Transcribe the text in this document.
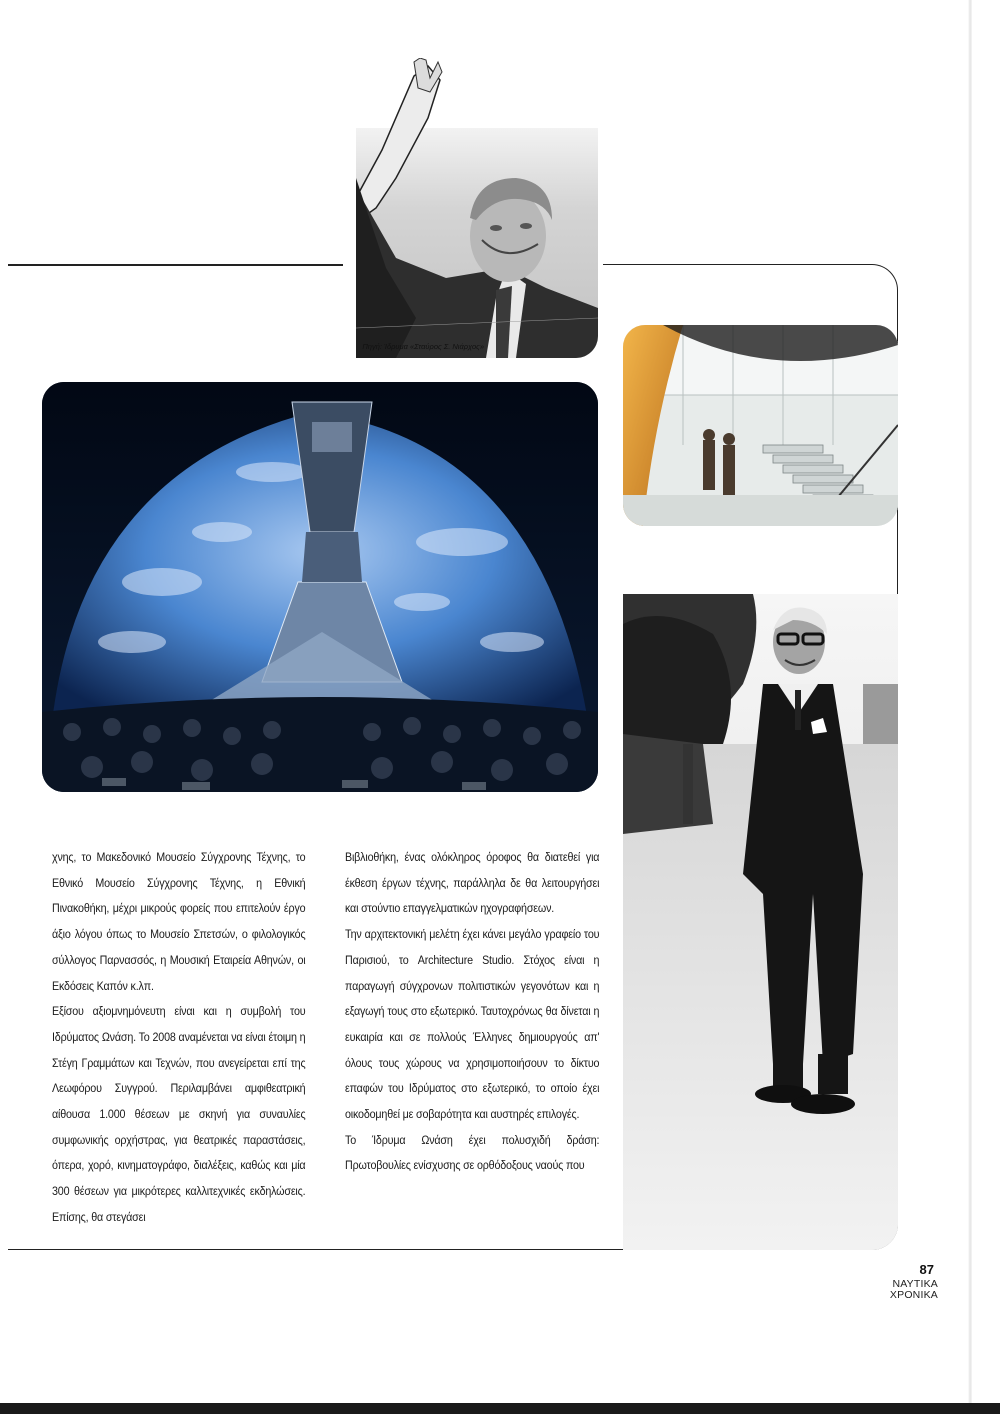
Πηγή: Ίδρυμα «Σταύρος Σ. Νιάρχος»

χνης, το Μακεδονικό Μουσείο Σύγχρονης Τέχνης, το Εθνικό Μουσείο Σύγχρονης Τέχνης, η Εθνική Πινακοθήκη, μέχρι μικρούς φορείς που επιτελούν έργο άξιο λόγου όπως το Μουσείο Σπετσών, ο φιλολογικός σύλλογος Παρνασσός, η Μουσική Εταιρεία Αθηνών, οι Εκδόσεις Καπόν κ.λπ.

Εξίσου αξιομνημόνευτη είναι και η συμβολή του Ιδρύματος Ωνάση. Το 2008 αναμένεται να είναι έτοιμη η Στέγη Γραμμάτων και Τεχνών, που ανεγείρεται επί της Λεωφόρου Συγγρού. Περιλαμβάνει αμφιθεατρική αίθουσα 1.000 θέσεων με σκηνή για συναυλίες συμφωνικής ορχήστρας, για θεατρικές παραστάσεις, όπερα, χορό, κινηματογράφο, διαλέξεις, καθώς και μία 300 θέσεων για μικρότερες καλλιτεχνικές εκδηλώσεις. Επίσης, θα στεγάσει

Βιβλιοθήκη, ένας ολόκληρος όροφος θα διατεθεί για έκθεση έργων τέχνης, παράλληλα δε θα λειτουργήσει και στούντιο επαγγελματικών ηχογραφήσεων.

Την αρχιτεκτονική μελέτη έχει κάνει μεγάλο γραφείο του Παρισιού, το Architecture Studio. Στόχος είναι η παραγωγή σύγχρονων πολιτιστικών γεγονότων και η εξαγωγή τους στο εξωτερικό. Ταυτοχρόνως θα δίνεται η ευκαιρία και σε πολλούς Έλληνες δημιουργούς απ' όλους τους χώρους να χρησιμοποιήσουν το δίκτυο επαφών του Ιδρύματος στο εξωτερικό, το οποίο έχει οικοδομηθεί με σοβαρότητα και αυστηρές επιλογές.

Το Ίδρυμα Ωνάση έχει πολυσχιδή δράση: Πρωτοβουλίες ενίσχυσης σε ορθόδοξους ναούς που

87
ΝΑΥΤΙΚΑ
ΧΡΟΝΙΚΑ
